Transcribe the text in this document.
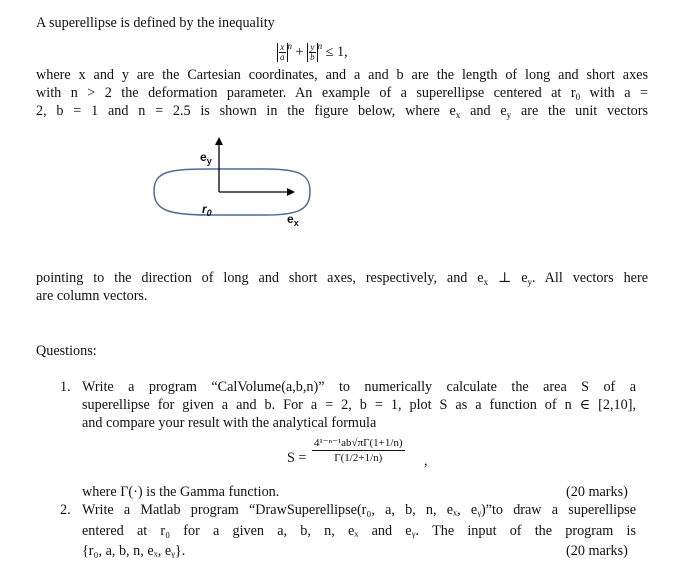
A superellipse is defined by the inequality
$\frac{x}{a} ^n + \frac{y}{b} ^n \le 1$,
where x and y are the Cartesian coordinates, and a and b are the length of long and short axes
with n > 2 the deformation parameter. An example of a superellipse centered at $r_0$ with a =
2, b = 1 and n = 2.5 is shown in the figure below, where $e_x$ and $e_y$ are the unit vectors
$e_y$
$r_0$	$e_x$
pointing to the direction of long and short axes, respectively, and $e_x$ ⊥ $e_y$. All vectors here
are column vectors.
Questions:
1. Write a program “CalVolume(a,b,n)” to numerically calculate the area S of a
superellipse for given a and b. For a = 2, b = 1, plot S as a function of n ∈ [2,10],
and compare your result with the analytical formula
$S = \frac{\text{4¹⁻ⁿ⁻¹ab√πΓ(1+1/n)}}{\Gamma(1/2+1/n)}$ ,
where Γ(·) is the Gamma function.	(20 marks)
2. Write a Matlab program “DrawSuperellipse(r₀, a, b, n, eₓ, eᵧ)”to draw a superellipse
entered at r₀ for a given a, b, n, eₓ and eᵧ. The input of the program is
{r₀, a, b, n, eₓ, eᵧ}.	(20 marks)
